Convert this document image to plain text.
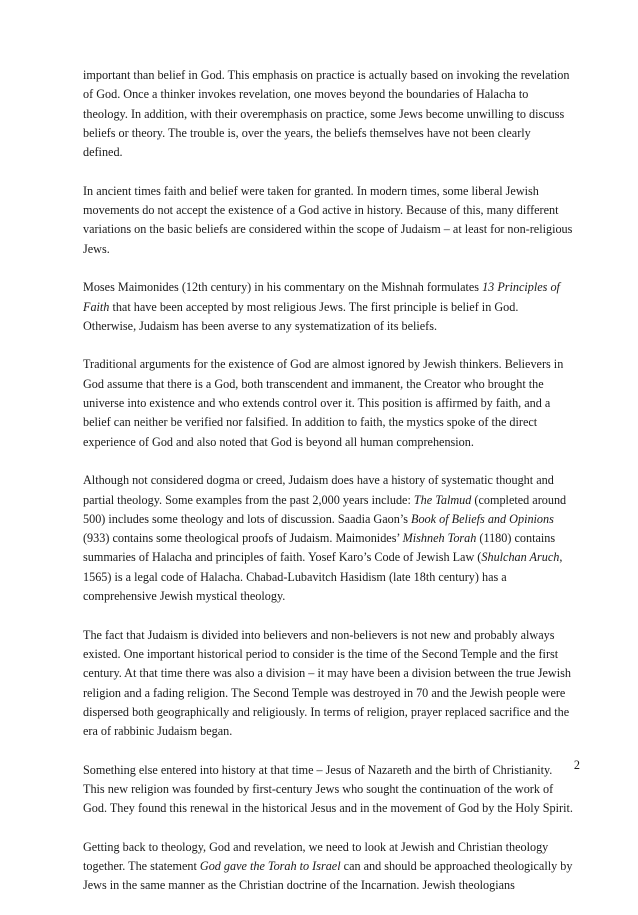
important than belief in God. This emphasis on practice is actually based on invoking the revelation of God. Once a thinker invokes revelation, one moves beyond the boundaries of Halacha to theology. In addition, with their overemphasis on practice, some Jews become unwilling to discuss beliefs or theory. The trouble is, over the years, the beliefs themselves have not been clearly defined.

In ancient times faith and belief were taken for granted. In modern times, some liberal Jewish movements do not accept the existence of a God active in history. Because of this, many different variations on the basic beliefs are considered within the scope of Judaism – at least for non-religious Jews.

Moses Maimonides (12th century) in his commentary on the Mishnah formulates 13 Principles of Faith that have been accepted by most religious Jews. The first principle is belief in God. Otherwise, Judaism has been averse to any systematization of its beliefs.

Traditional arguments for the existence of God are almost ignored by Jewish thinkers. Believers in God assume that there is a God, both transcendent and immanent, the Creator who brought the universe into existence and who extends control over it. This position is affirmed by faith, and a belief can neither be verified nor falsified. In addition to faith, the mystics spoke of the direct experience of God and also noted that God is beyond all human comprehension.

Although not considered dogma or creed, Judaism does have a history of systematic thought and partial theology. Some examples from the past 2,000 years include: The Talmud (completed around 500) includes some theology and lots of discussion. Saadia Gaon’s Book of Beliefs and Opinions (933) contains some theological proofs of Judaism. Maimonides’ Mishneh Torah (1180) contains summaries of Halacha and principles of faith. Yosef Karo’s Code of Jewish Law (Shulchan Aruch, 1565) is a legal code of Halacha. Chabad-Lubavitch Hasidism (late 18th century) has a comprehensive Jewish mystical theology.

The fact that Judaism is divided into believers and non-believers is not new and probably always existed. One important historical period to consider is the time of the Second Temple and the first century. At that time there was also a division – it may have been a division between the true Jewish religion and a fading religion. The Second Temple was destroyed in 70 and the Jewish people were dispersed both geographically and religiously. In terms of religion, prayer replaced sacrifice and the era of rabbinic Judaism began.

Something else entered into history at that time – Jesus of Nazareth and the birth of Christianity. This new religion was founded by first-century Jews who sought the continuation of the work of God. They found this renewal in the historical Jesus and in the movement of God by the Holy Spirit.

Getting back to theology, God and revelation, we need to look at Jewish and Christian theology together. The statement God gave the Torah to Israel can and should be approached theologically by Jews in the same manner as the Christian doctrine of the Incarnation. Jewish theologians

2
